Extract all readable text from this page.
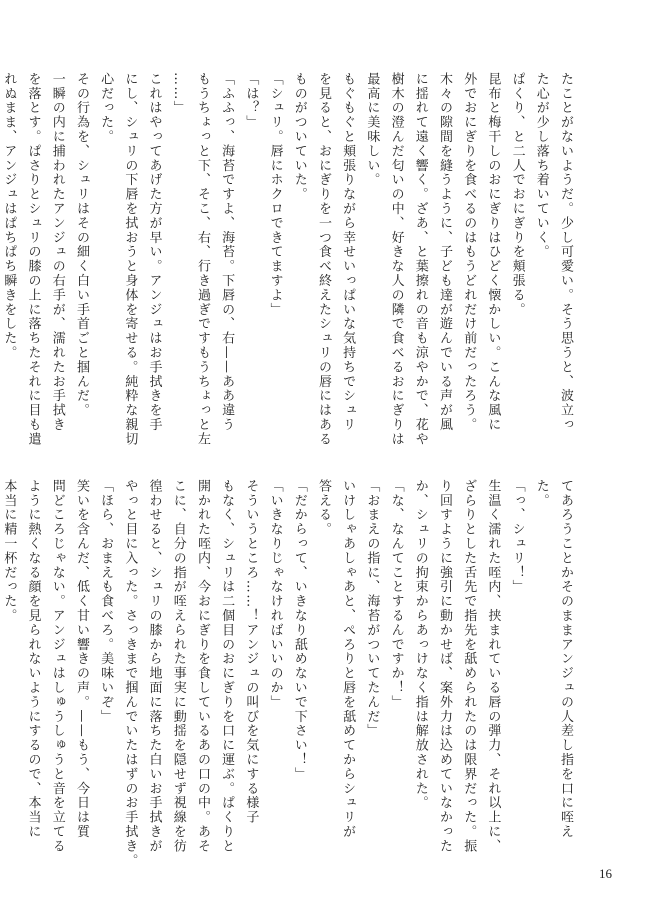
たことがないようだ。少し可愛い。そう思うと、波立っ
た心が少し落ち着いていく。
ぱくり、と二人でおにぎりを頬張る。
昆布と梅干しのおにぎりはひどく懐かしい。こんな風に
外でおにぎりを食べるのはもうどれだけ前だったろう。
木々の隙間を縫うように、子ども達が遊んでいる声が風
に揺れて遠く響く。ざあ、と葉擦れの音も涼やかで、花や
樹木の澄んだ匂いの中、好きな人の隣で食べるおにぎりは
最高に美味しい。
もぐもぐと頬張りながら幸せいっぱいな気持ちでシュリ
を見ると、おにぎりを一つ食べ終えたシュリの唇にはある
ものがついていた。
「シュリ。唇にホクロできてますよ」
「は？」
「ふふっ、海苔ですよ、海苔。下唇の、右——ああ違う
もうちょっと下、そこ、右、行き過ぎですもうちょっと左
……」
これはやってあげた方が早い。アンジュはお手拭きを手
にし、シュリの下唇を拭おうと身体を寄せる。純粋な親切
心だった。
その行為を、シュリはその細く白い手首ごと掴んだ。
一瞬の内に捕われたアンジュの右手が、濡れたお手拭き
を落とす。ぱさりとシュリの膝の上に落ちたそれに目も遣
れぬまま、アンジュはぱちぱち瞬きをした。
てあろうことかそのままアンジュの人差し指を口に咥え
た。
「っ、シュリ！」
生温く濡れた咥内、挟まれている唇の弾力、それ以上に、
ざらりとした舌先で指先を舐められたのは限界だった。振
り回すように強引に動かせば、案外力は込めていなかった
か、シュリの拘束からあっけなく指は解放された。
「な、なんてことするんですか！」
「おまえの指に、海苔がついてたんだ」
いけしゃあしゃあと、ぺろりと唇を舐めてからシュリが
答える。
「だからって、いきなり舐めないで下さい！」
「いきなりじゃなければいいのか」
そういうところ……！アンジュの叫びを気にする様子
もなく、シュリは二個目のおにぎりを口に運ぶ。ぱくりと
開かれた咥内、今おにぎりを食しているあの口の中。あそ
こに、自分の指が咥えられた事実に動揺を隠せず視線を彷
徨わせると、シュリの膝から地面に落ちた白いお手拭きが
やっと目に入った。さっきまで掴んでいたはずのお手拭き。
「ほら、おまえも食べろ。美味いぞ」
笑いを含んだ、低く甘い響きの声。——もう、今日は質
問どころじゃない。アンジュはしゅうしゅうと音を立てる
ように熱くなる顔を見られないようにするので、本当に
本当に精一杯だった。
16
